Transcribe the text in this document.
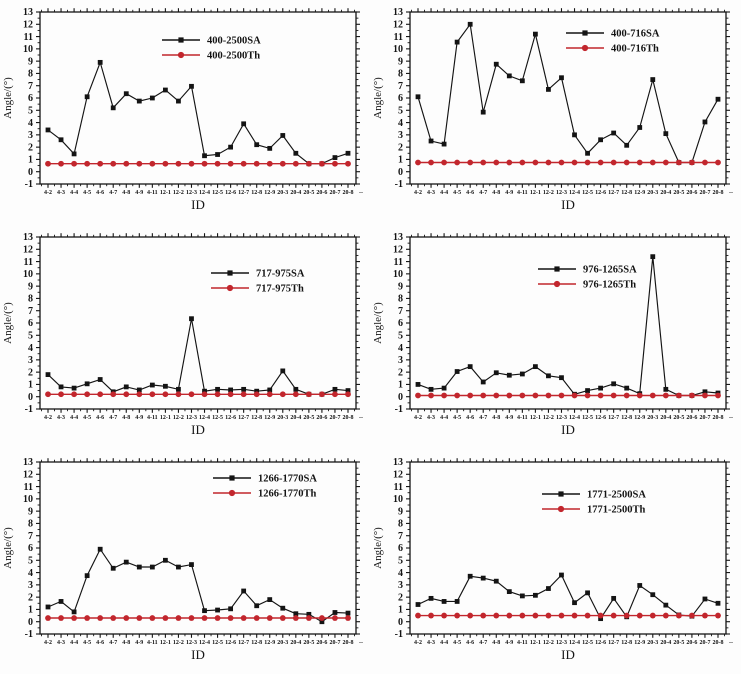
-1
0
1
2
3
4
5
6
7
8
9
10
11
12
13
4-2 4-3 4-4 4-5 4-6 4-7 4-8 4-9 4-11 12-1 12-2 12-3 12-4 12-5 12-6 12-7 12-8 12-9 20-3 20-4 20-5 20-6 20-7 20-8 --
ID
Angle/(°)
400-2500SA
400-2500Th
-1
0
1
2
3
4
5
6
7
8
9
10
11
12
13
4-2 4-3 4-4 4-5 4-6 4-7 4-8 4-9 4-11 12-1 12-2 12-3 12-4 12-5 12-6 12-7 12-8 12-9 20-3 20-4 20-5 20-6 20-7 20-8 --
ID
Angle/(°)
400-716SA
400-716Th
-1
0
1
2
3
4
5
6
7
8
9
10
11
12
13
4-2 4-3 4-4 4-5 4-6 4-7 4-8 4-9 4-11 12-1 12-2 12-3 12-4 12-5 12-6 12-7 12-8 12-9 20-3 20-4 20-5 20-6 20-7 20-8 --
ID
Angle/(°)
717-975SA
717-975Th
-1
0
1
2
3
4
5
6
7
8
9
10
11
12
13
4-2 4-3 4-4 4-5 4-6 4-7 4-8 4-9 4-11 12-1 12-2 12-3 12-4 12-5 12-6 12-7 12-8 12-9 20-3 20-4 20-5 20-6 20-7 20-8 --
ID
Angle/(°)
976-1265SA
976-1265Th
-1
0
1
2
3
4
5
6
7
8
9
10
11
12
13
4-2 4-3 4-4 4-5 4-6 4-7 4-8 4-9 4-11 12-1 12-2 12-3 12-4 12-5 12-6 12-7 12-8 12-9 20-3 20-4 20-5 20-6 20-7 20-8 --
ID
Angle/(°)
1266-1770SA
1266-1770Th
-1
0
1
2
3
4
5
6
7
8
9
10
11
12
13
4-2 4-3 4-4 4-5 4-6 4-7 4-8 4-9 4-11 12-1 12-2 12-3 12-4 12-5 12-6 12-7 12-8 12-9 20-3 20-4 20-5 20-6 20-7 20-8 --
ID
Angle/(°)
1771-2500SA
1771-2500Th
